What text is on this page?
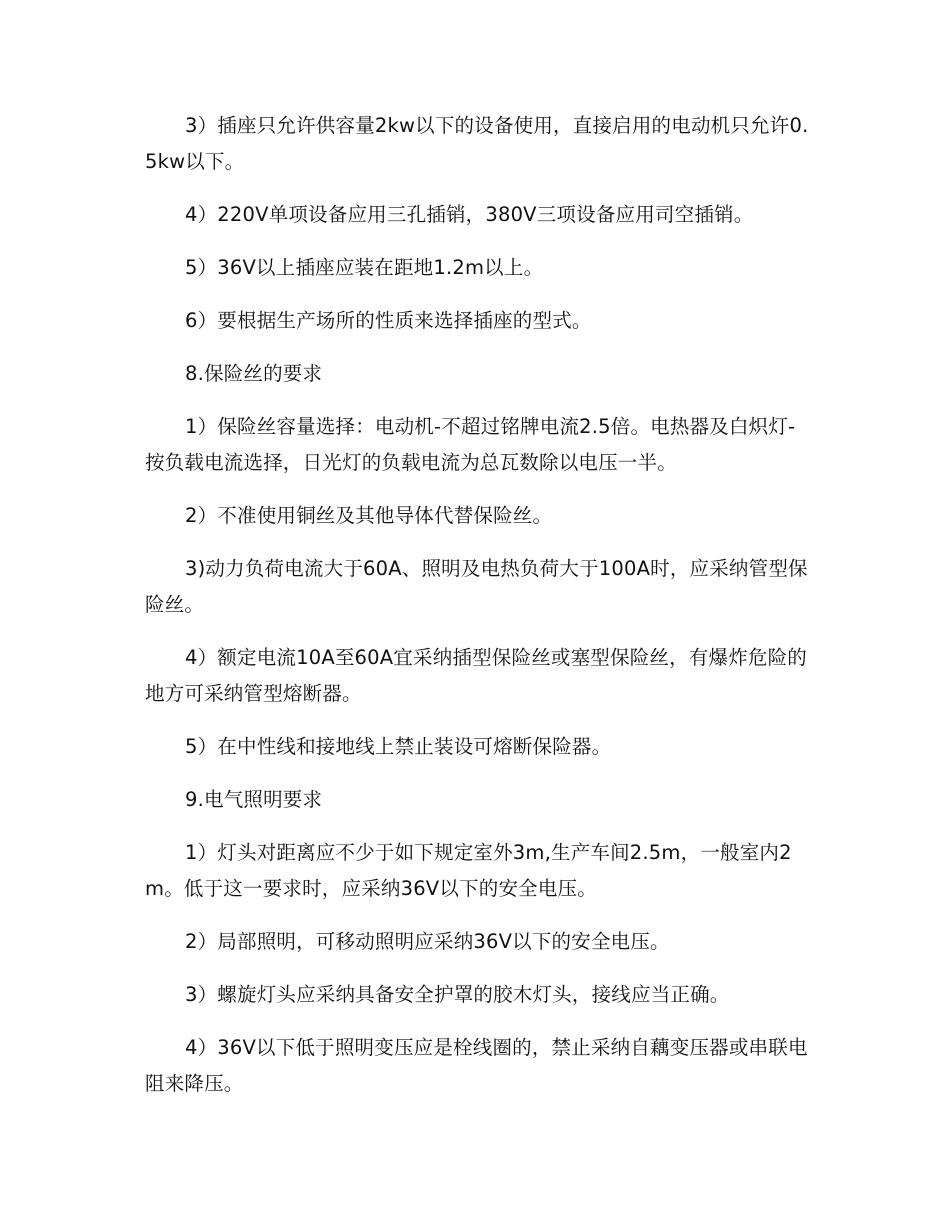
3）插座只允许供容量2kw以下的设备使用，直接启用的电动机只允许0.5kw以下。

4）220V单项设备应用三孔插销，380V三项设备应用司空插销。

5）36V以上插座应装在距地1.2m以上。

6）要根据生产场所的性质来选择插座的型式。

8.保险丝的要求

1）保险丝容量选择：电动机-不超过铭牌电流2.5倍。电热器及白炽灯-按负载电流选择，日光灯的负载电流为总瓦数除以电压一半。

2）不准使用铜丝及其他导体代替保险丝。

3)动力负荷电流大于60A、照明及电热负荷大于100A时，应采纳管型保险丝。

4）额定电流10A至60A宜采纳插型保险丝或塞型保险丝，有爆炸危险的地方可采纳管型熔断器。

5）在中性线和接地线上禁止装设可熔断保险器。

9.电气照明要求

1）灯头对距离应不少于如下规定室外3m,生产车间2.5m，一般室内2m。低于这一要求时，应采纳36V以下的安全电压。

2）局部照明，可移动照明应采纳36V以下的安全电压。

3）螺旋灯头应采纳具备安全护罩的胶木灯头，接线应当正确。

4）36V以下低于照明变压应是栓线圈的，禁止采纳自藕变压器或串联电阻来降压。
